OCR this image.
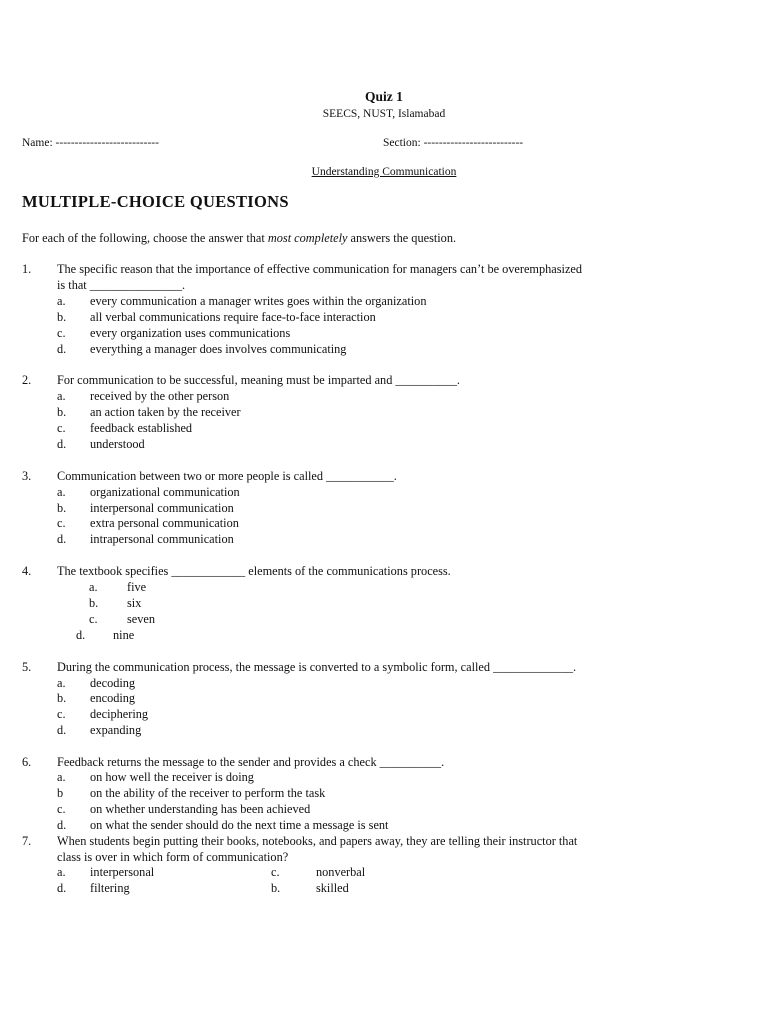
Quiz 1
SEECS, NUST, Islamabad
Name: ---------------------------	Section: --------------------------
Understanding Communication
MULTIPLE-CHOICE QUESTIONS
For each of the following, choose the answer that most completely answers the question.
1. The specific reason that the importance of effective communication for managers can’t be overemphasized
is that _______________.
a. every communication a manager writes goes within the organization
b. all verbal communications require face-to-face interaction
c. every organization uses communications
d. everything a manager does involves communicating
2. For communication to be successful, meaning must be imparted and __________.
a. received by the other person
b. an action taken by the receiver
c. feedback established
d. understood
3. Communication between two or more people is called ___________.
a. organizational communication
b. interpersonal communication
c. extra personal communication
d. intrapersonal communication
4. The textbook specifies ____________ elements of the communications process.
a. five
b. six
c. seven
d. nine
5. During the communication process, the message is converted to a symbolic form, called _____________.
a. decoding
b. encoding
c. deciphering
d. expanding
6. Feedback returns the message to the sender and provides a check __________.
a. on how well the receiver is doing
b on the ability of the receiver to perform the task
c. on whether understanding has been achieved
d. on what the sender should do the next time a message is sent
7. When students begin putting their books, notebooks, and papers away, they are telling their instructor that
class is over in which form of communication?
a. interpersonal	c.	nonverbal
d. filtering	b.	skilled
